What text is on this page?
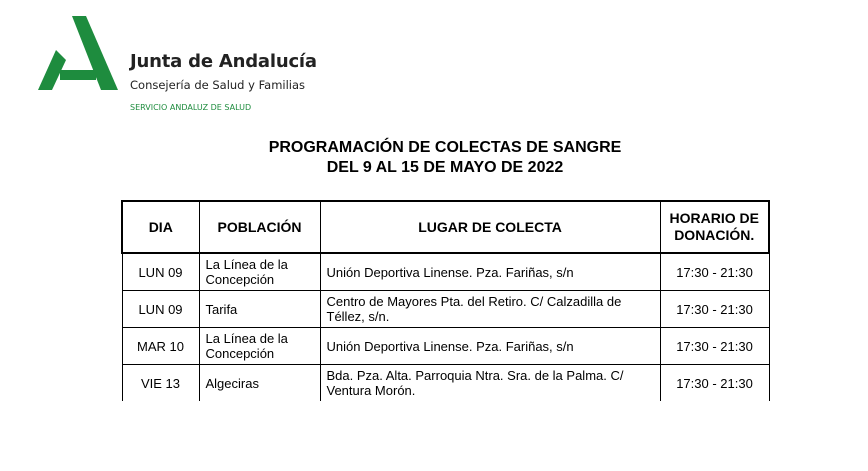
Junta de Andalucía
Consejería de Salud y Familias
SERVICIO ANDALUZ DE SALUD
PROGRAMACIÓN DE COLECTAS DE SANGRE
DEL 9 AL 15 DE MAYO DE 2022
DIA	POBLACIÓN	LUGAR DE COLECTA	HORARIO DE DONACIÓN.
LUN 09	La Línea de la Concepción	Unión Deportiva Linense. Pza. Fariñas, s/n	17:30 - 21:30
LUN 09	Tarifa	Centro de Mayores Pta. del Retiro. C/ Calzadilla de Téllez, s/n.	17:30 - 21:30
MAR 10	La Línea de la Concepción	Unión Deportiva Linense. Pza. Fariñas, s/n	17:30 - 21:30
VIE 13	Algeciras	Bda. Pza. Alta. Parroquia Ntra. Sra. de la Palma. C/ Ventura Morón.	17:30 - 21:30
